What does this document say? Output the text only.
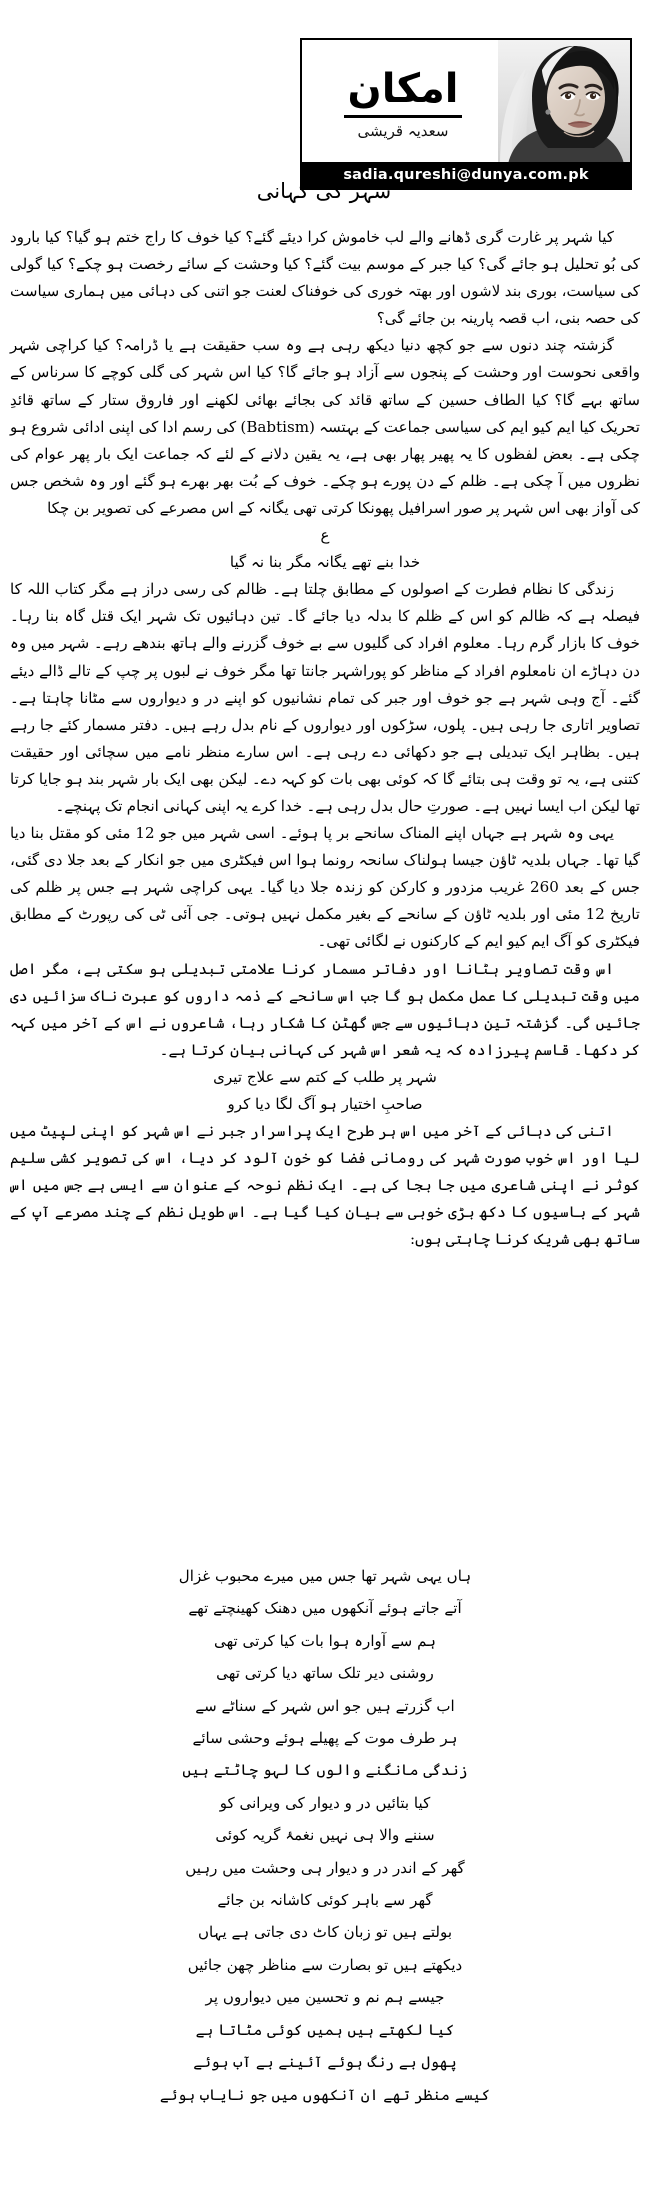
امکان
سعدیہ قریشی
sadia.qureshi@dunya.com.pk
شہر کی کہانی

کیا شہر پر غارت گری ڈھانے والے لب خاموش کرا دیئے گئے؟ کیا خوف کا راج ختم ہو گیا؟ کیا بارود کی بُو تحلیل ہو جائے گی؟ کیا جبر کے موسم بیت گئے؟ کیا وحشت کے سائے رخصت ہو چکے؟ کیا گولی کی سیاست، بوری بند لاشوں اور بھتہ خوری کی خوفناک لعنت جو اتنی کی دہائی میں ہماری سیاست کی حصہ بنی، اب قصہ پارینہ بن جائے گی؟

گزشتہ چند دنوں سے جو کچھ دنیا دیکھ رہی ہے وہ سب حقیقت ہے یا ڈرامہ؟ کیا کراچی شہر واقعی نحوست اور وحشت کے پنجوں سے آزاد ہو جائے گا؟ کیا اس شہر کی گلی کوچے کا سرناس کے ساتھ بہے گا؟ کیا الطاف حسین کے ساتھ قائد کی بجائے بھائی لکھنے اور فاروق ستار کے ساتھ قائدِ تحریک کیا ایم کیو ایم کی سیاسی جماعت کے بہتسہ (Babtism) کی رسم ادا کی اپنی ادائی شروع ہو چکی ہے۔ بعض لفظوں کا یہ پھیر پھار بھی ہے، یہ یقین دلانے کے لئے کہ جماعت ایک بار پھر عوام کی نظروں میں آ چکی ہے۔ ظلم کے دن پورے ہو چکے۔ خوف کے بُت بھر بھرے ہو گئے اور وہ شخص جس کی آواز بھی اس شہر پر صور اسرافیل پھونکا کرتی تھی یگانہ کے اس مصرعے کی تصویر بن چکا

ع
خدا بنے تھے یگانہ مگر بنا نہ گیا

زندگی کا نظام فطرت کے اصولوں کے مطابق چلتا ہے۔ ظالم کی رسی دراز ہے مگر کتاب اللہ کا فیصلہ ہے کہ ظالم کو اس کے ظلم کا بدلہ دیا جائے گا۔ تین دہائیوں تک شہر ایک قتل گاہ بنا رہا۔ خوف کا بازار گرم رہا۔ معلوم افراد کی گلیوں سے بے خوف گزرنے والے ہاتھ بندھے رہے۔ شہر میں وہ دن دہاڑے ان نامعلوم افراد کے مناظر کو پوراشہر جانتا تھا مگر خوف نے لبوں پر چپ کے تالے ڈالے دیئے گئے۔ آج وہی شہر ہے جو خوف اور جبر کی تمام نشانیوں کو اپنے در و دیواروں سے مٹانا چاہتا ہے۔ تصاویر اتاری جا رہی ہیں۔ پلوں، سڑکوں اور دیواروں کے نام بدل رہے ہیں۔ دفتر مسمار کئے جا رہے ہیں۔ بظاہر ایک تبدیلی ہے جو دکھائی دے رہی ہے۔ اس سارے منظر نامے میں سچائی اور حقیقت کتنی ہے، یہ تو وقت ہی بتائے گا کہ کوئی بھی بات کو کہہ دے۔ لیکن بھی ایک بار شہر بند ہو جایا کرتا تھا لیکن اب ایسا نہیں ہے۔ صورتِ حال بدل رہی ہے۔ خدا کرے یہ اپنی کہانی انجام تک پہنچے۔

یہی وہ شہر ہے جہاں اپنے المناک سانحے بر پا ہوئے۔ اسی شہر میں جو 12 مئی کو مقتل بنا دیا گیا تھا۔ جہاں بلدیہ ٹاؤن جیسا ہولناک سانحہ رونما ہوا اس فیکٹری میں جو انکار کے بعد جلا دی گئی، جس کے بعد 260 غریب مزدور و کارکن کو زندہ جلا دیا گیا۔ یہی کراچی شہر ہے جس پر ظلم کی تاریخ 12 مئی اور بلدیہ ٹاؤن کے سانحے کے بغیر مکمل نہیں ہوتی۔ جی آئی ٹی کی رپورٹ کے مطابق فیکٹری کو آگ ایم کیو ایم کے کارکنوں نے لگائی تھی۔

اس وقت تصاویر ہٹانا اور دفاتر مسمار کرنا علامتی تبدیلی ہو سکتی ہے، مگر اصل میں وقت تبدیلی کا عمل مکمل ہو گا جب اس سانحے کے ذمہ داروں کو عبرت ناک سزائیں دی جائیں گی۔ گزشتہ تین دہائیوں سے جس گھٹن کا شکار رہا، شاعروں نے اس کے آخر میں کہہ کر دکھا۔ قاسم پیرزادہ کہ یہ شعر اس شہر کی کہانی بیان کرتا ہے۔

شہر پر طلب کے کتم سے علاج تیری
صاحبِ اختیار ہو آگ لگا دیا کرو

اتنی کی دہائی کے آخر میں اس ہر طرح ایک پراسرار جبر نے اس شہر کو اپنی لپیٹ میں لیا اور اس خوب صورت شہر کی رومانی فضا کو خون آلود کر دیا، اس کی تصویر کشی سلیم کوثر نے اپنی شاعری میں جا بجا کی ہے۔ ایک نظم نوحہ کے عنوان سے ایسی ہے جس میں اس شہر کے باسیوں کا دکھ بڑی خوبی سے بیان کیا گیا ہے۔ اس طویل نظم کے چند مصرعے آپ کے ساتھ بھی شریک کرنا چاہتی ہوں:

ہاں یہی شہر تھا جس میں میرے محبوب غزال
آتے جاتے ہوئے آنکھوں میں دھنک کھینچتے تھے
ہم سے آوارہ ہوا بات کیا کرتی تھی
روشنی دیر تلک ساتھ دیا کرتی تھی
اب گزرتے ہیں جو اس شہر کے سناٹے سے
ہر طرف موت کے پھیلے ہوئے وحشی سائے
زندگی مانگنے والوں کا لہو چاٹتے ہیں
کیا بتائیں در و دیوار کی ویرانی کو
سننے والا ہی نہیں نغمۂ گریہ کوئی
گھر کے اندر در و دیوار ہی وحشت میں رہیں
گھر سے باہر کوئی کاشانہ بن جائے
بولتے ہیں تو زبان کاٹ دی جاتی ہے یہاں
دیکھتے ہیں تو بصارت سے مناظر چھن جائیں
جیسے ہم نم و تحسین میں دیواروں پر
کیا لکھتے ہیں ہمیں کوئی مٹاتا ہے
پھول بے رنگ ہوئے آئینے بے آب ہوئے
کیسے منظر تھے ان آنکھوں میں جو نایاب ہوئے
